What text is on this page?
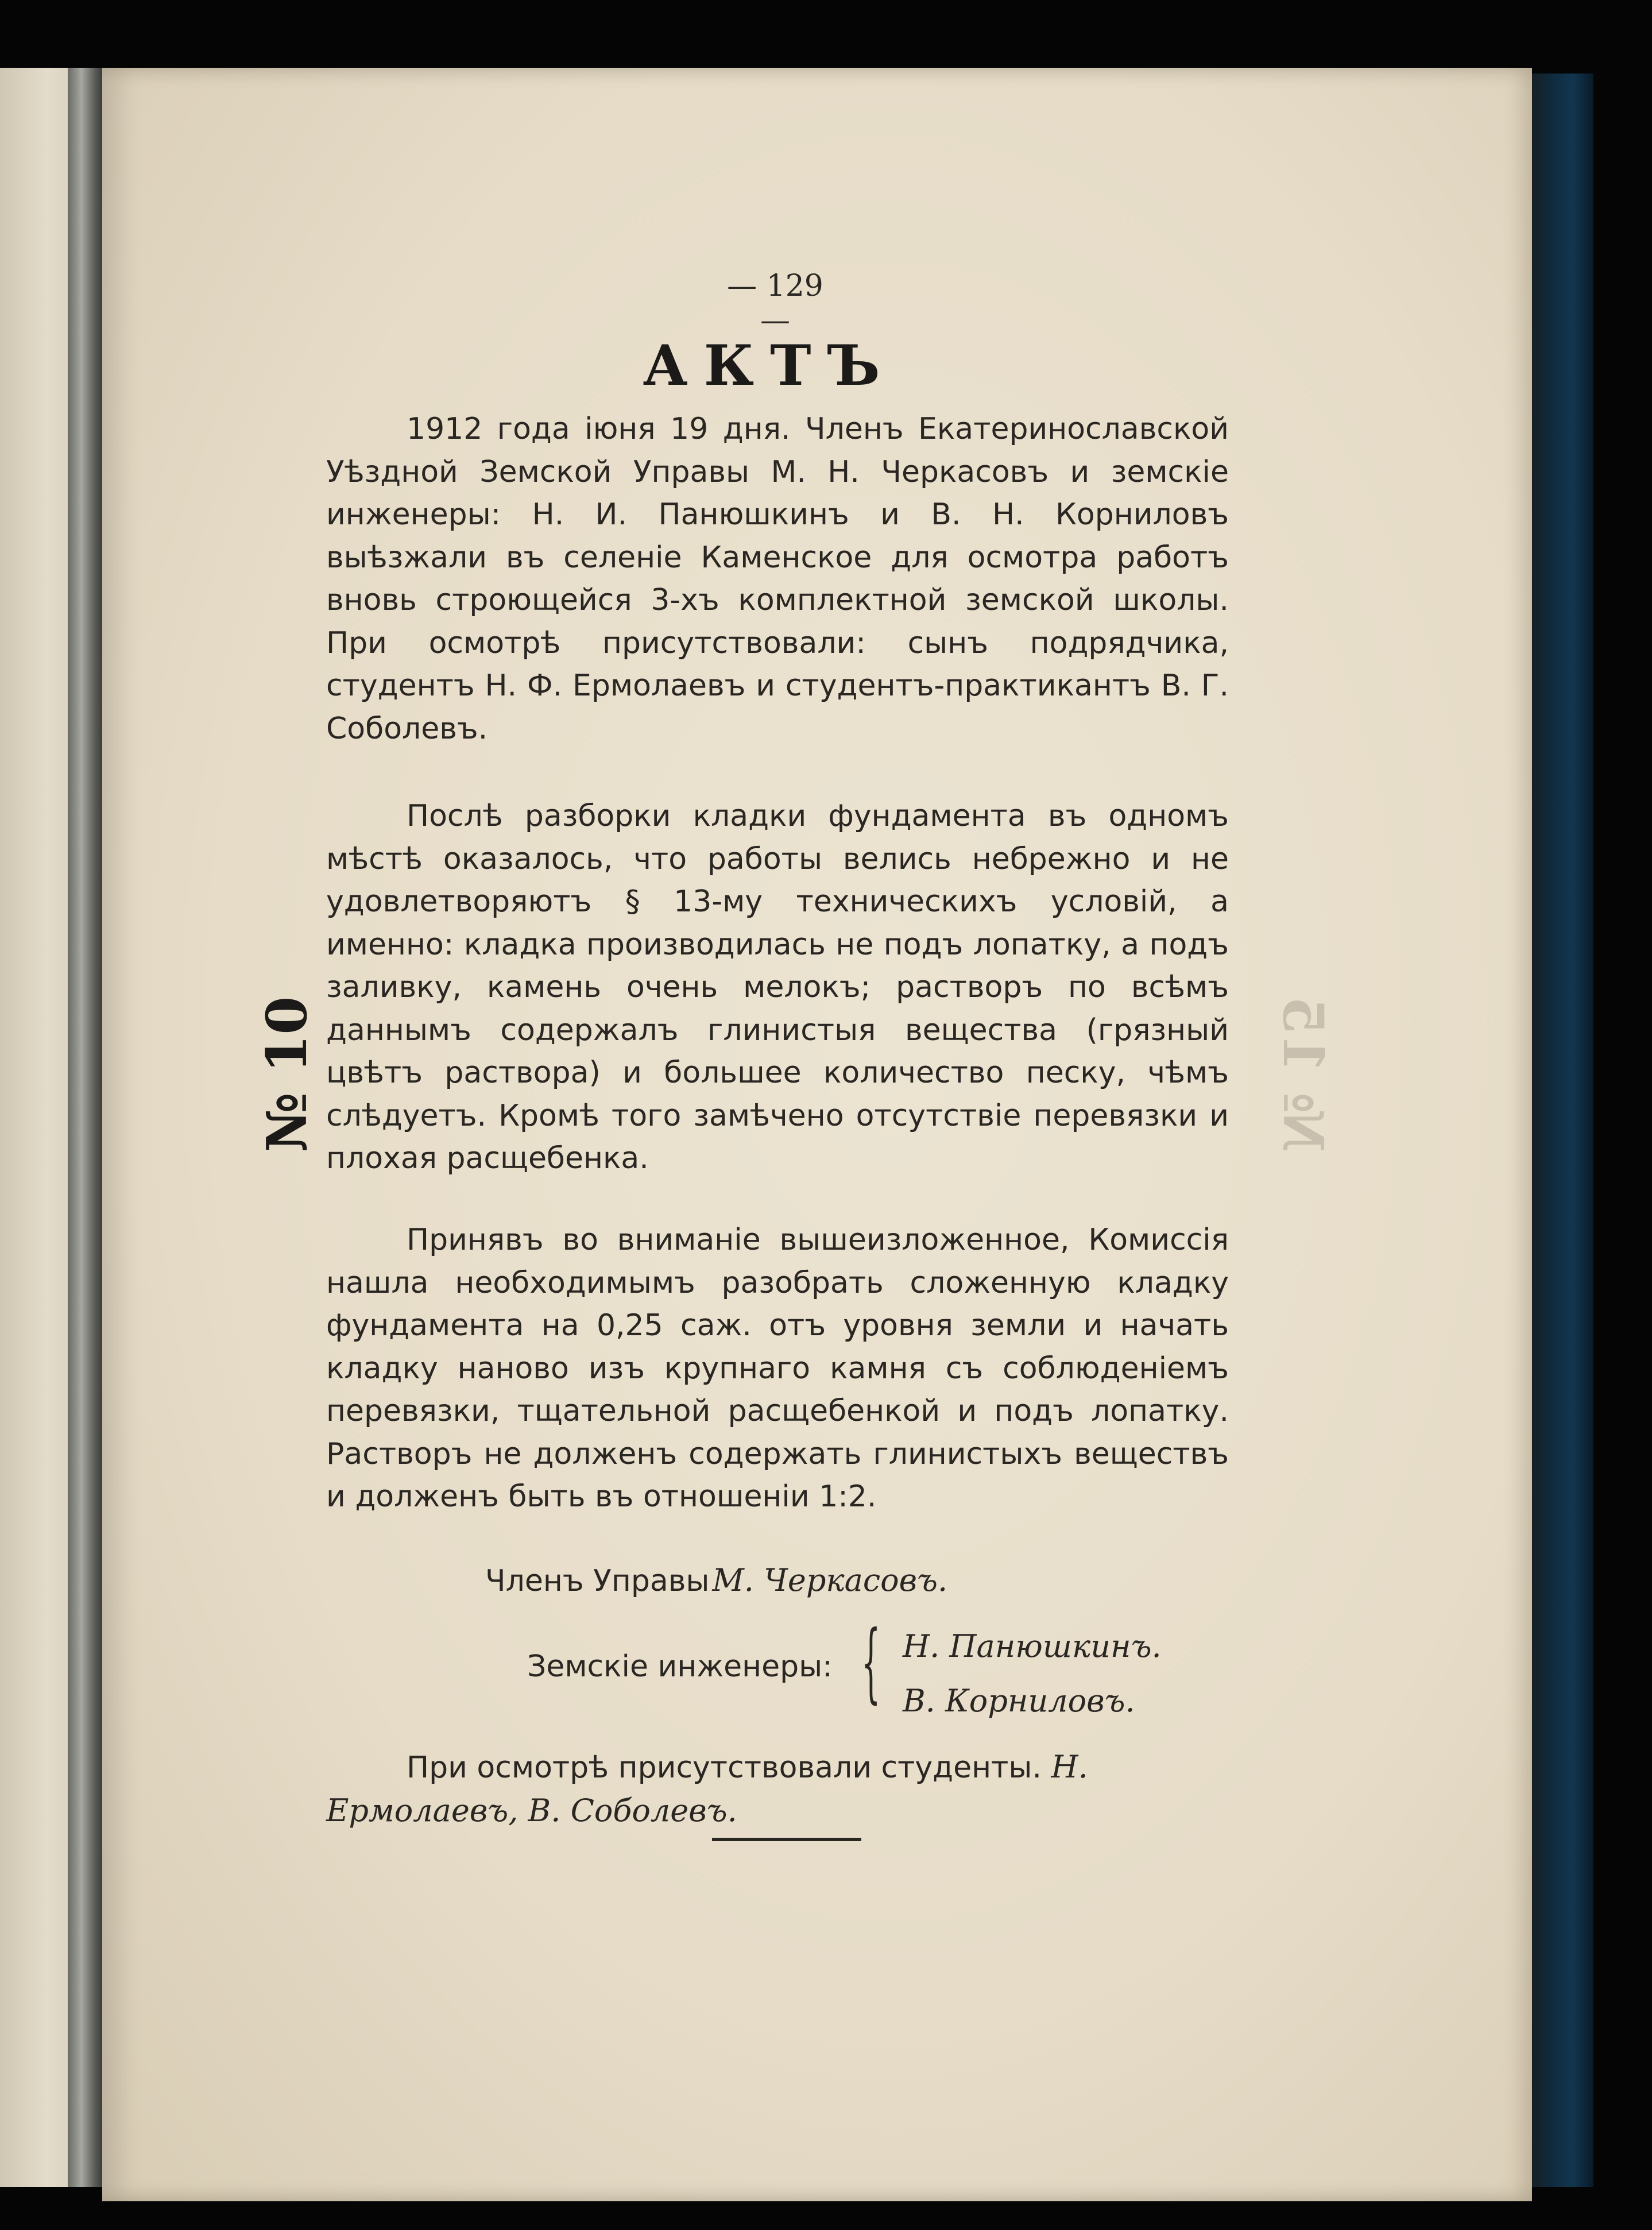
№ 15
— 129 —
АКТЪ
№ 10
1912 года іюня 19 дня. Членъ Екатеринославской Уѣздной Земской Управы М. Н. Черкасовъ и земскіе инженеры: Н. И. Панюшкинъ и В. Н. Корниловъ выѣзжали въ селеніе Каменское для осмотра работъ вновь строющейся 3-хъ комплектной земской школы. При осмотрѣ присутствовали: сынъ подрядчика, студентъ Н. Ф. Ермолаевъ и студентъ-практикантъ В. Г. Соболевъ.
Послѣ разборки кладки фундамента въ одномъ мѣстѣ оказалось, что работы велись небрежно и не удовлетворяютъ § 13-му техническихъ условій, а именно: кладка производилась не подъ лопатку, а подъ заливку, камень очень мелокъ; растворъ по всѣмъ даннымъ содержалъ глинистыя вещества (грязный цвѣтъ раствора) и большее количество песку, чѣмъ слѣдуетъ. Кромѣ того замѣчено отсутствіе перевязки и плохая расщебенка.
Принявъ во вниманіе вышеизложенное, Комиссія нашла необходимымъ разобрать сложенную кладку фундамента на 0,25 саж. отъ уровня земли и начать кладку наново изъ крупнаго камня съ соблюденіемъ перевязки, тщательной расщебенкой и подъ лопатку. Растворъ не долженъ содержать глинистыхъ веществъ и долженъ быть въ отношеніи 1:2.
Членъ Управы М. Черкасовъ.
Земскіе инженеры: { Н. Панюшкинъ.
В. Корниловъ.
При осмотрѣ присутствовали студенты. Н. Ермолаевъ, В. Соболевъ.
